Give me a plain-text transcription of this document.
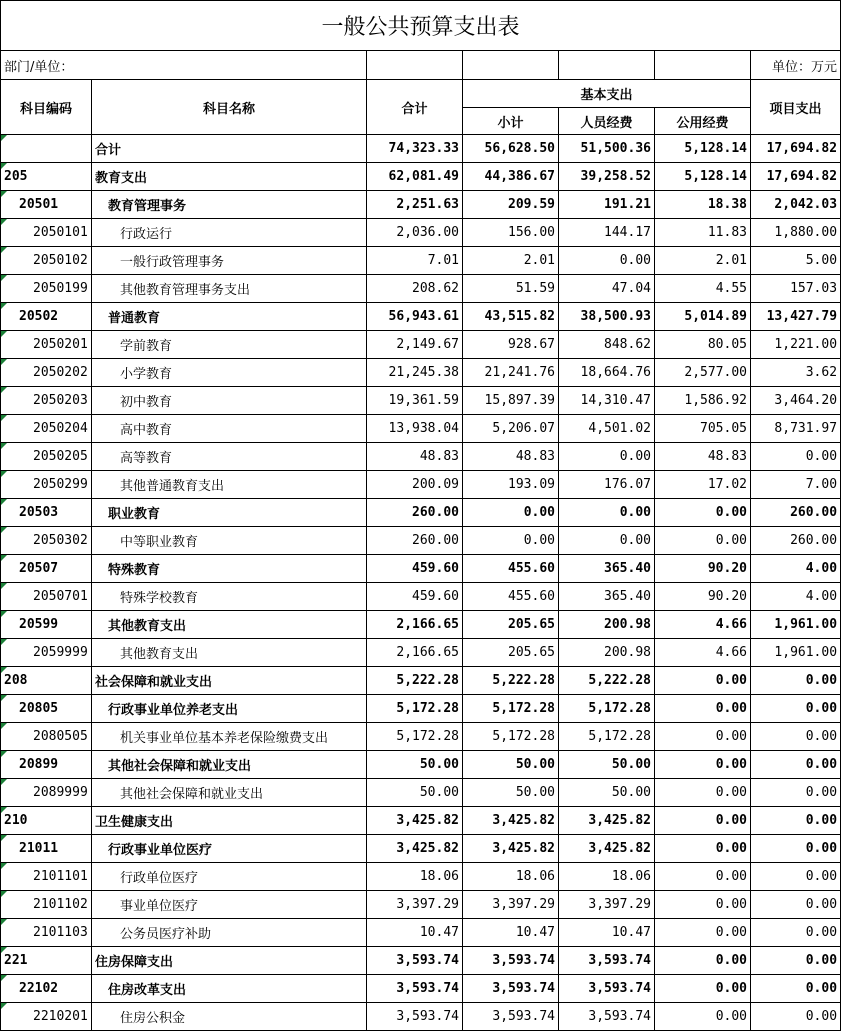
一般公共预算支出表						
部门/单位：						单位：万元
科目编码	科目名称	合计	基本支出			项目支出
			小计	人员经费	公用经费	
	合计	74,323.33	56,628.50	51,500.36	5,128.14	17,694.82
205	教育支出	62,081.49	44,386.67	39,258.52	5,128.14	17,694.82
20501	教育管理事务	2,251.63	209.59	191.21	18.38	2,042.03
2050101	行政运行	2,036.00	156.00	144.17	11.83	1,880.00
2050102	一般行政管理事务	7.01	2.01	0.00	2.01	5.00
2050199	其他教育管理事务支出	208.62	51.59	47.04	4.55	157.03
20502	普通教育	56,943.61	43,515.82	38,500.93	5,014.89	13,427.79
2050201	学前教育	2,149.67	928.67	848.62	80.05	1,221.00
2050202	小学教育	21,245.38	21,241.76	18,664.76	2,577.00	3.62
2050203	初中教育	19,361.59	15,897.39	14,310.47	1,586.92	3,464.20
2050204	高中教育	13,938.04	5,206.07	4,501.02	705.05	8,731.97
2050205	高等教育	48.83	48.83	0.00	48.83	0.00
2050299	其他普通教育支出	200.09	193.09	176.07	17.02	7.00
20503	职业教育	260.00	0.00	0.00	0.00	260.00
2050302	中等职业教育	260.00	0.00	0.00	0.00	260.00
20507	特殊教育	459.60	455.60	365.40	90.20	4.00
2050701	特殊学校教育	459.60	455.60	365.40	90.20	4.00
20599	其他教育支出	2,166.65	205.65	200.98	4.66	1,961.00
2059999	其他教育支出	2,166.65	205.65	200.98	4.66	1,961.00
208	社会保障和就业支出	5,222.28	5,222.28	5,222.28	0.00	0.00
20805	行政事业单位养老支出	5,172.28	5,172.28	5,172.28	0.00	0.00
2080505	机关事业单位基本养老保险缴费支出	5,172.28	5,172.28	5,172.28	0.00	0.00
20899	其他社会保障和就业支出	50.00	50.00	50.00	0.00	0.00
2089999	其他社会保障和就业支出	50.00	50.00	50.00	0.00	0.00
210	卫生健康支出	3,425.82	3,425.82	3,425.82	0.00	0.00
21011	行政事业单位医疗	3,425.82	3,425.82	3,425.82	0.00	0.00
2101101	行政单位医疗	18.06	18.06	18.06	0.00	0.00
2101102	事业单位医疗	3,397.29	3,397.29	3,397.29	0.00	0.00
2101103	公务员医疗补助	10.47	10.47	10.47	0.00	0.00
221	住房保障支出	3,593.74	3,593.74	3,593.74	0.00	0.00
22102	住房改革支出	3,593.74	3,593.74	3,593.74	0.00	0.00
2210201	住房公积金	3,593.74	3,593.74	3,593.74	0.00	0.00
